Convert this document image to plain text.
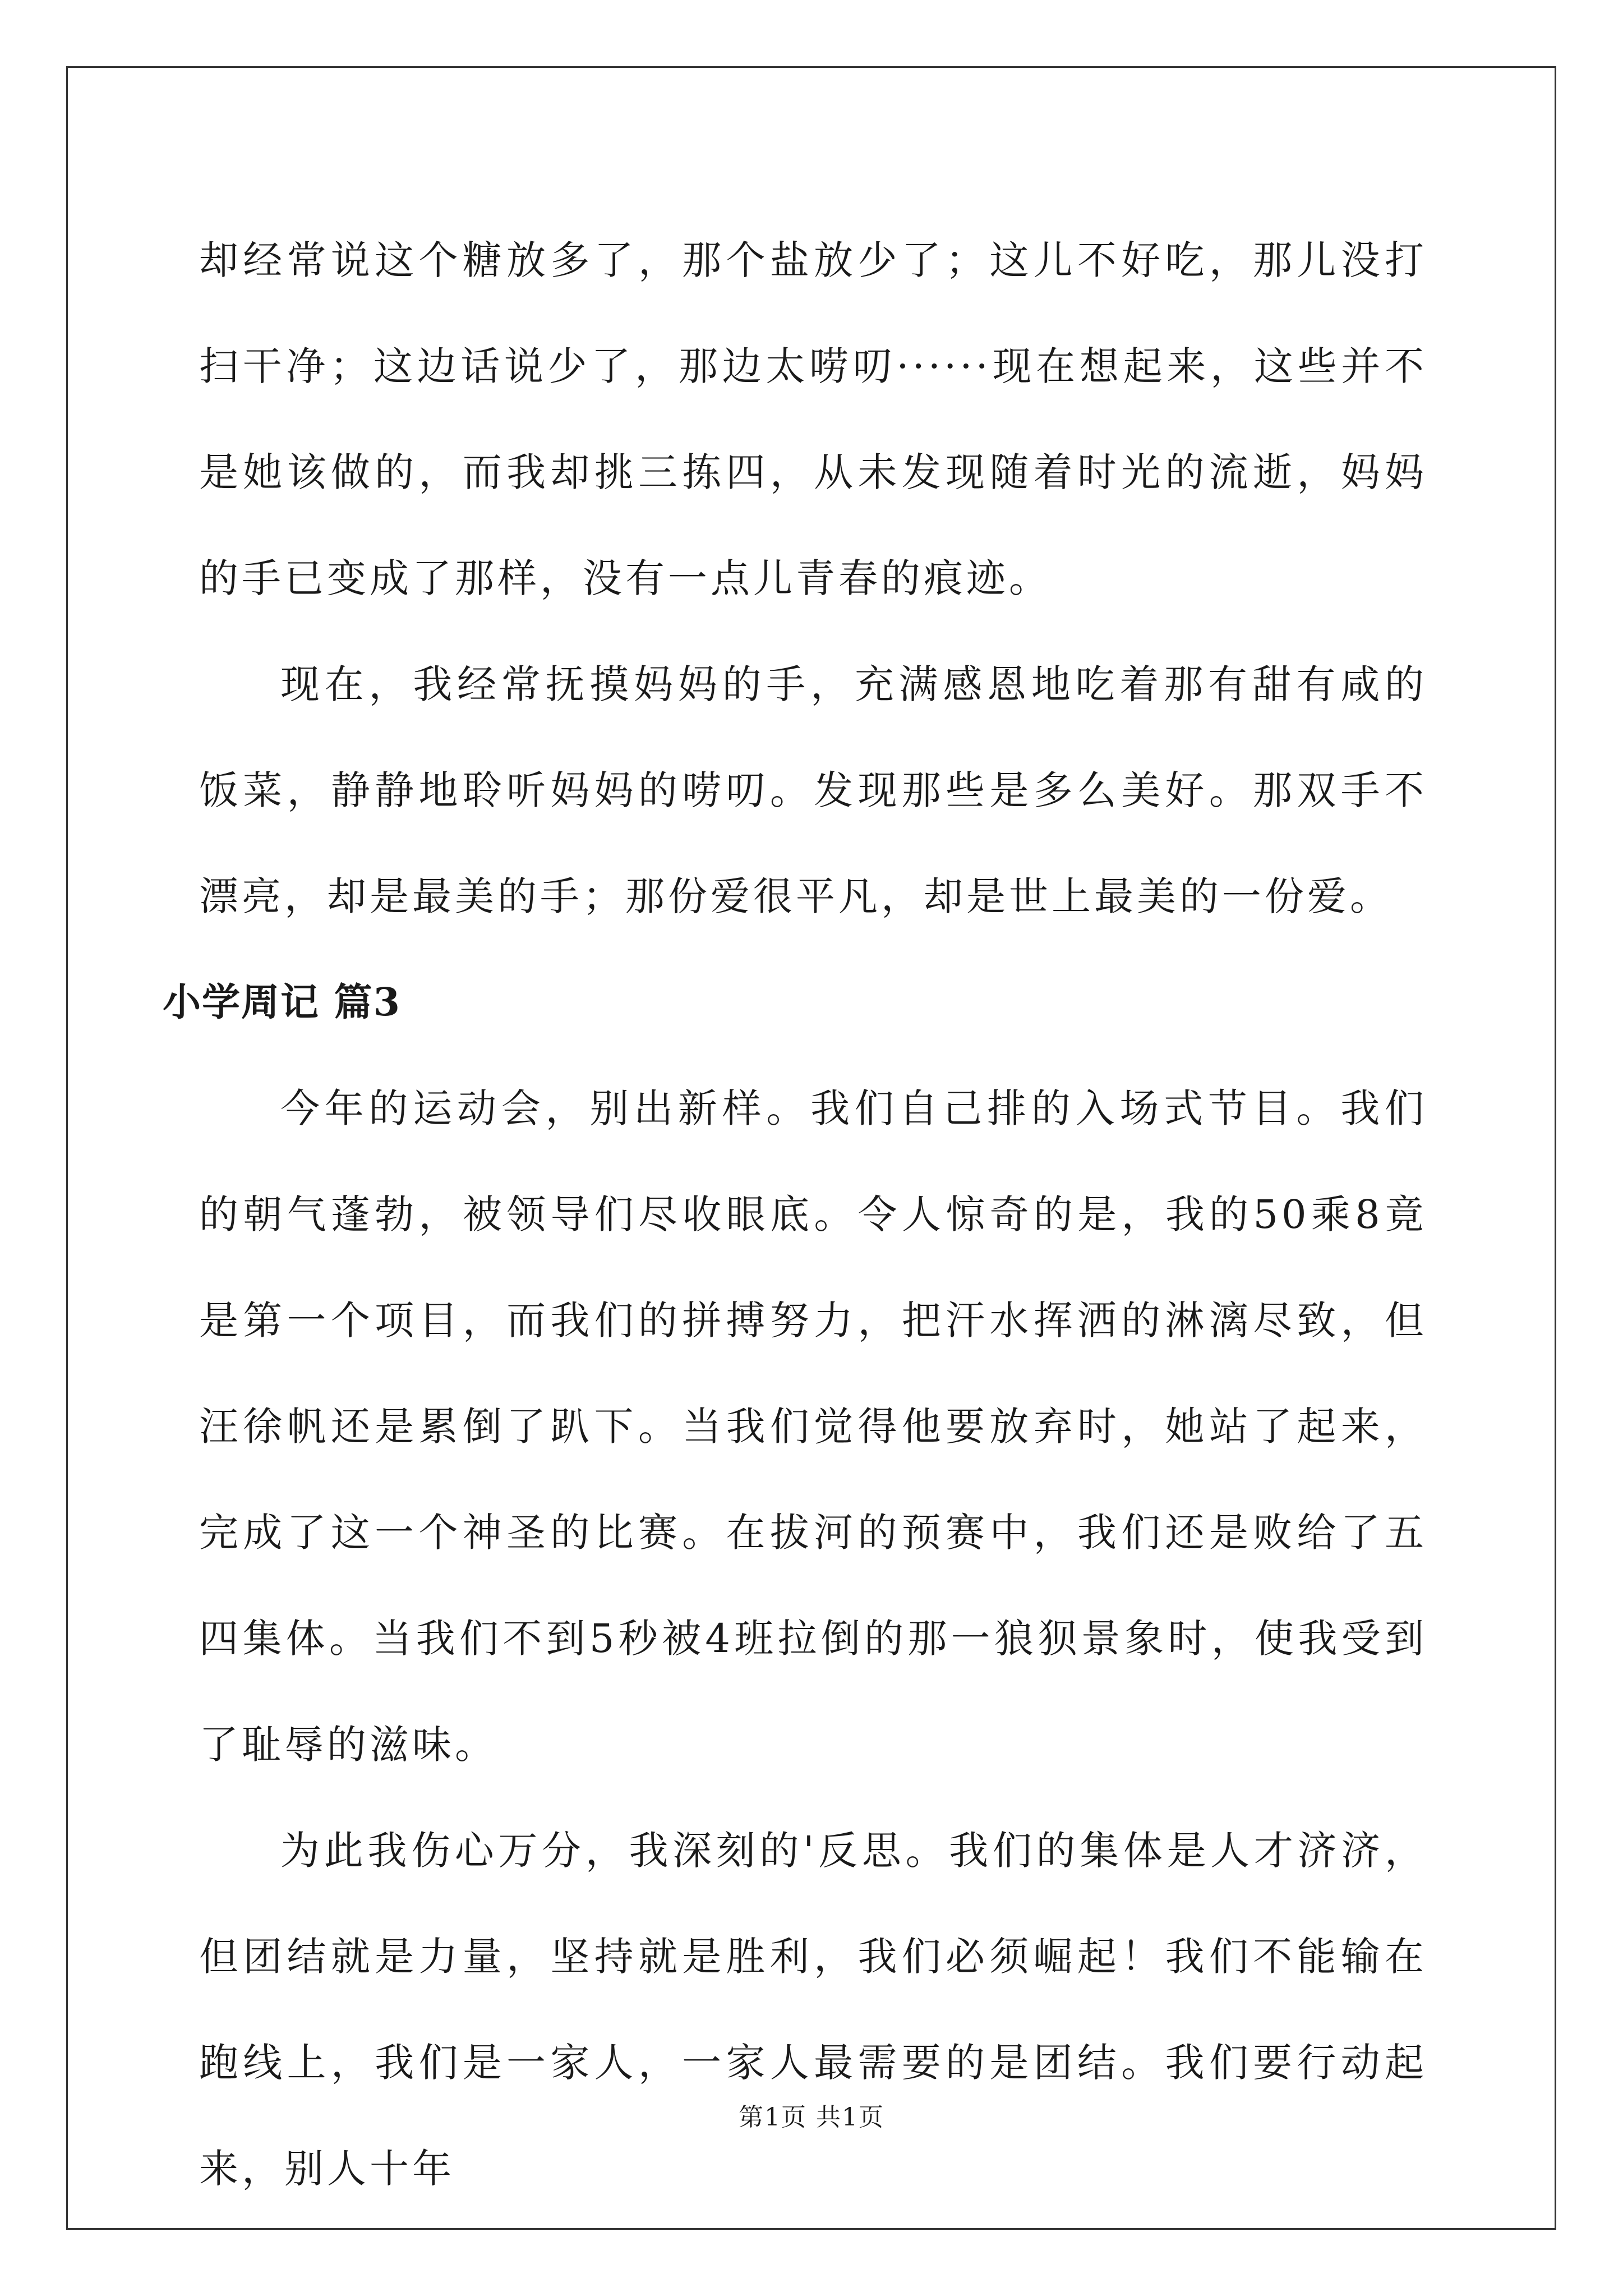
却经常说这个糖放多了，那个盐放少了；这儿不好吃，那儿没打扫干净；这边话说少了，那边太唠叨······现在想起来，这些并不是她该做的，而我却挑三拣四，从未发现随着时光的流逝，妈妈的手已变成了那样，没有一点儿青春的痕迹。

现在，我经常抚摸妈妈的手，充满感恩地吃着那有甜有咸的饭菜，静静地聆听妈妈的唠叨。发现那些是多么美好。那双手不漂亮，却是最美的手；那份爱很平凡，却是世上最美的一份爱。

小学周记 篇3

今年的运动会，别出新样。我们自己排的入场式节目。我们的朝气蓬勃，被领导们尽收眼底。令人惊奇的是，我的50乘8竟是第一个项目，而我们的拼搏努力，把汗水挥洒的淋漓尽致，但汪徐帆还是累倒了趴下。当我们觉得他要放弃时，她站了起来，完成了这一个神圣的比赛。在拔河的预赛中，我们还是败给了五四集体。当我们不到5秒被4班拉倒的那一狼狈景象时，使我受到了耻辱的滋味。

为此我伤心万分，我深刻的'反思。我们的集体是人才济济，但团结就是力量，坚持就是胜利，我们必须崛起！我们不能输在跑线上，我们是一家人，一家人最需要的是团结。我们要行动起来，别人十年

第1页 共1页
